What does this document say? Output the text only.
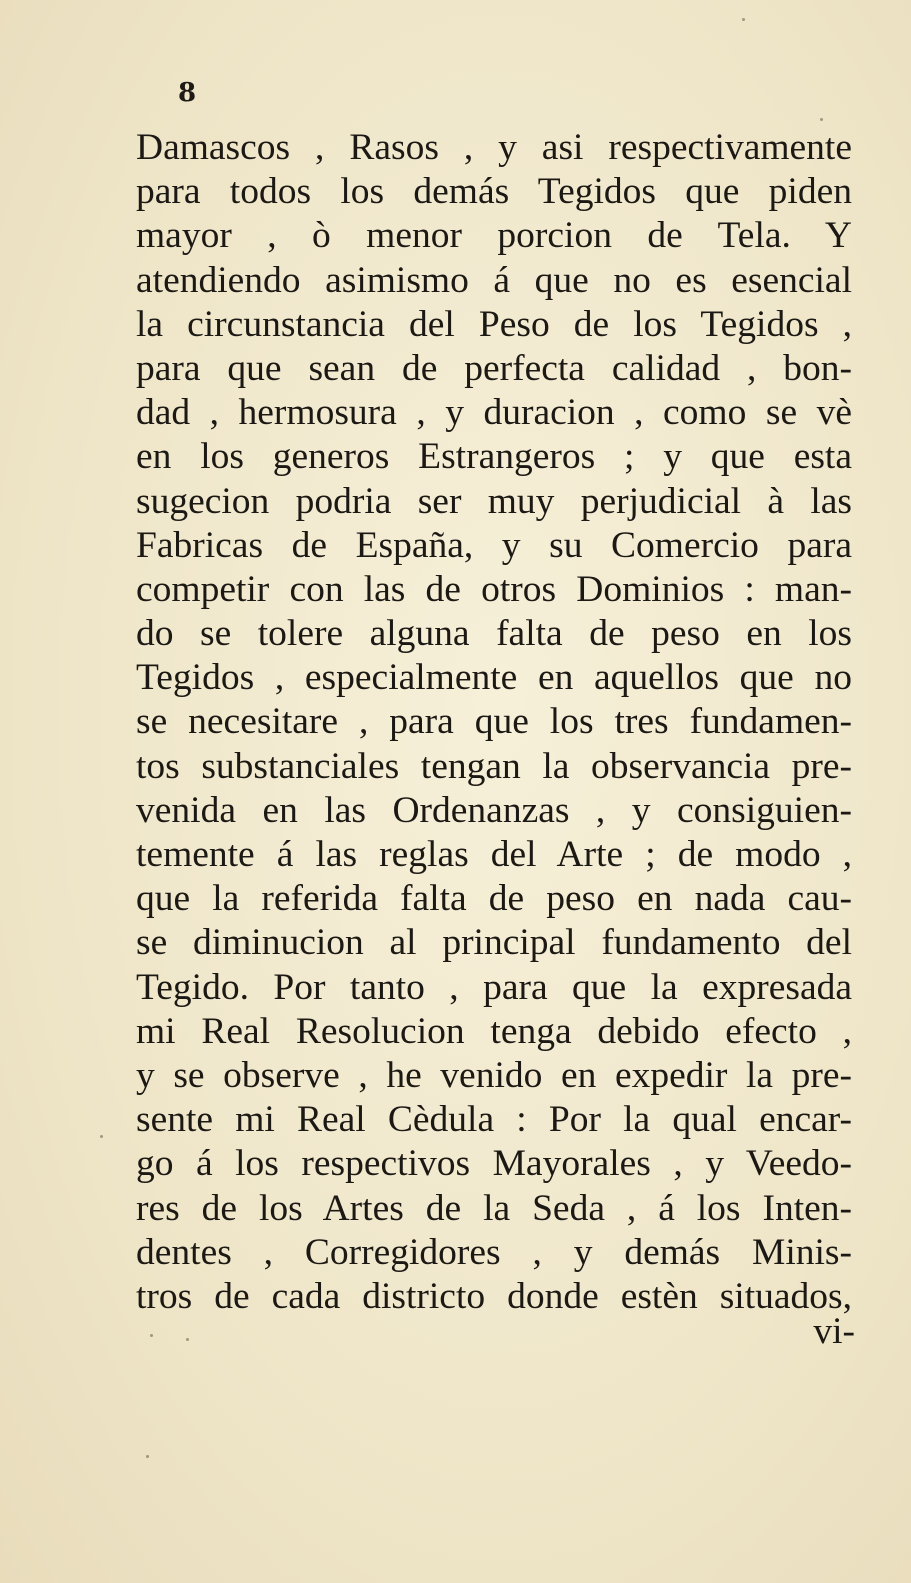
8
Damascos , Rasos , y asi respectivamente
para todos los demás Tegidos que piden
mayor , ò menor porcion de Tela. Y
atendiendo asimismo á que no es esencial
la circunstancia del Peso de los Tegidos ,
para que sean de perfecta calidad , bon-
dad , hermosura , y duracion , como se vè
en los generos Estrangeros ; y que esta
sugecion podria ser muy perjudicial à las
Fabricas de España, y su Comercio para
competir con las de otros Dominios : man-
do se tolere alguna falta de peso en los
Tegidos , especialmente en aquellos que no
se necesitare , para que los tres fundamen-
tos substanciales tengan la observancia pre-
venida en las Ordenanzas , y consiguien-
temente á las reglas del Arte ; de modo ,
que la referida falta de peso en nada cau-
se diminucion al principal fundamento del
Tegido. Por tanto , para que la expresada
mi Real Resolucion tenga debido efecto ,
y se observe , he venido en expedir la pre-
sente mi Real Cèdula : Por la qual encar-
go á los respectivos Mayorales , y Veedo-
res de los Artes de la Seda , á los Inten-
dentes , Corregidores , y demás Minis-
tros de cada districto donde estèn situados,
vi-
